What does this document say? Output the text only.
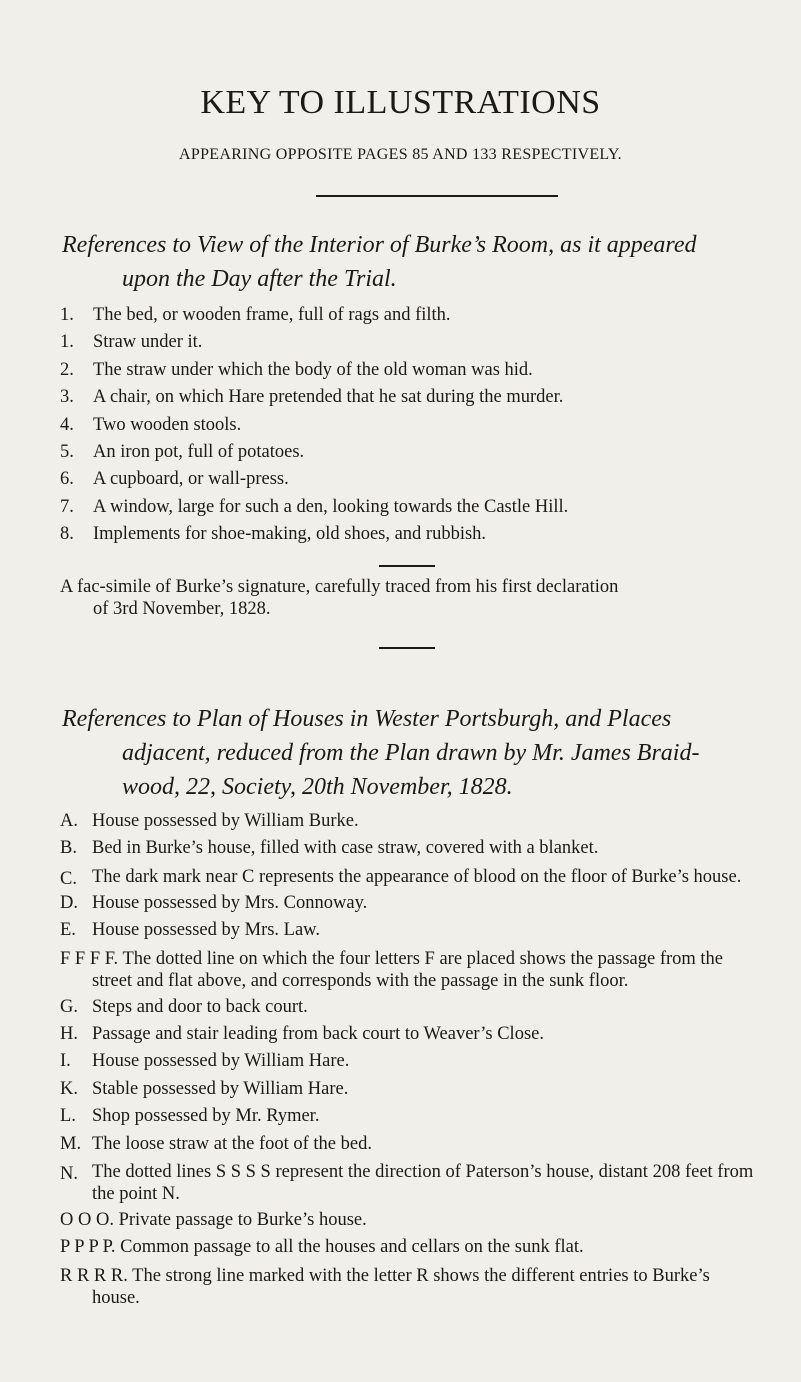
KEY TO ILLUSTRATIONS
APPEARING OPPOSITE PAGES 85 AND 133 RESPECTIVELY.
References to View of the Interior of Burke’s Room, as it appeared
upon the Day after the Trial.
1.	The bed, or wooden frame, full of rags and filth.
1.	Straw under it.
2.	The straw under which the body of the old woman was hid.
3.	A chair, on which Hare pretended that he sat during the murder.
4.	Two wooden stools.
5.	An iron pot, full of potatoes.
6.	A cupboard, or wall-press.
7.	A window, large for such a den, looking towards the Castle Hill.
8.	Implements for shoe-making, old shoes, and rubbish.
A fac-simile of Burke’s signature, carefully traced from his first declaration
of 3rd November, 1828.
References to Plan of Houses in Wester Portsburgh, and Places
adjacent, reduced from the Plan drawn by Mr. James Braid-
wood, 22, Society, 20th November, 1828.
A. House possessed by William Burke.
B. Bed in Burke’s house, filled with case straw, covered with a blanket.
C. The dark mark near C represents the appearance of blood on the floor of Burke’s house.
D. House possessed by Mrs. Connoway.
E. House possessed by Mrs. Law.
F F F F. The dotted line on which the four letters F are placed shows the passage from the street and flat above, and corresponds with the passage in the sunk floor.
G. Steps and door to back court.
H. Passage and stair leading from back court to Weaver’s Close.
I.	House possessed by William Hare.
K. Stable possessed by William Hare.
L. Shop possessed by Mr. Rymer.
M. The loose straw at the foot of the bed.
N. The dotted lines S S S S represent the direction of Paterson’s house, distant 208 feet from the point N.
O O O. Private passage to Burke’s house.
P P P P. Common passage to all the houses and cellars on the sunk flat.
R R R R. The strong line marked with the letter R shows the different entries to Burke’s house.
